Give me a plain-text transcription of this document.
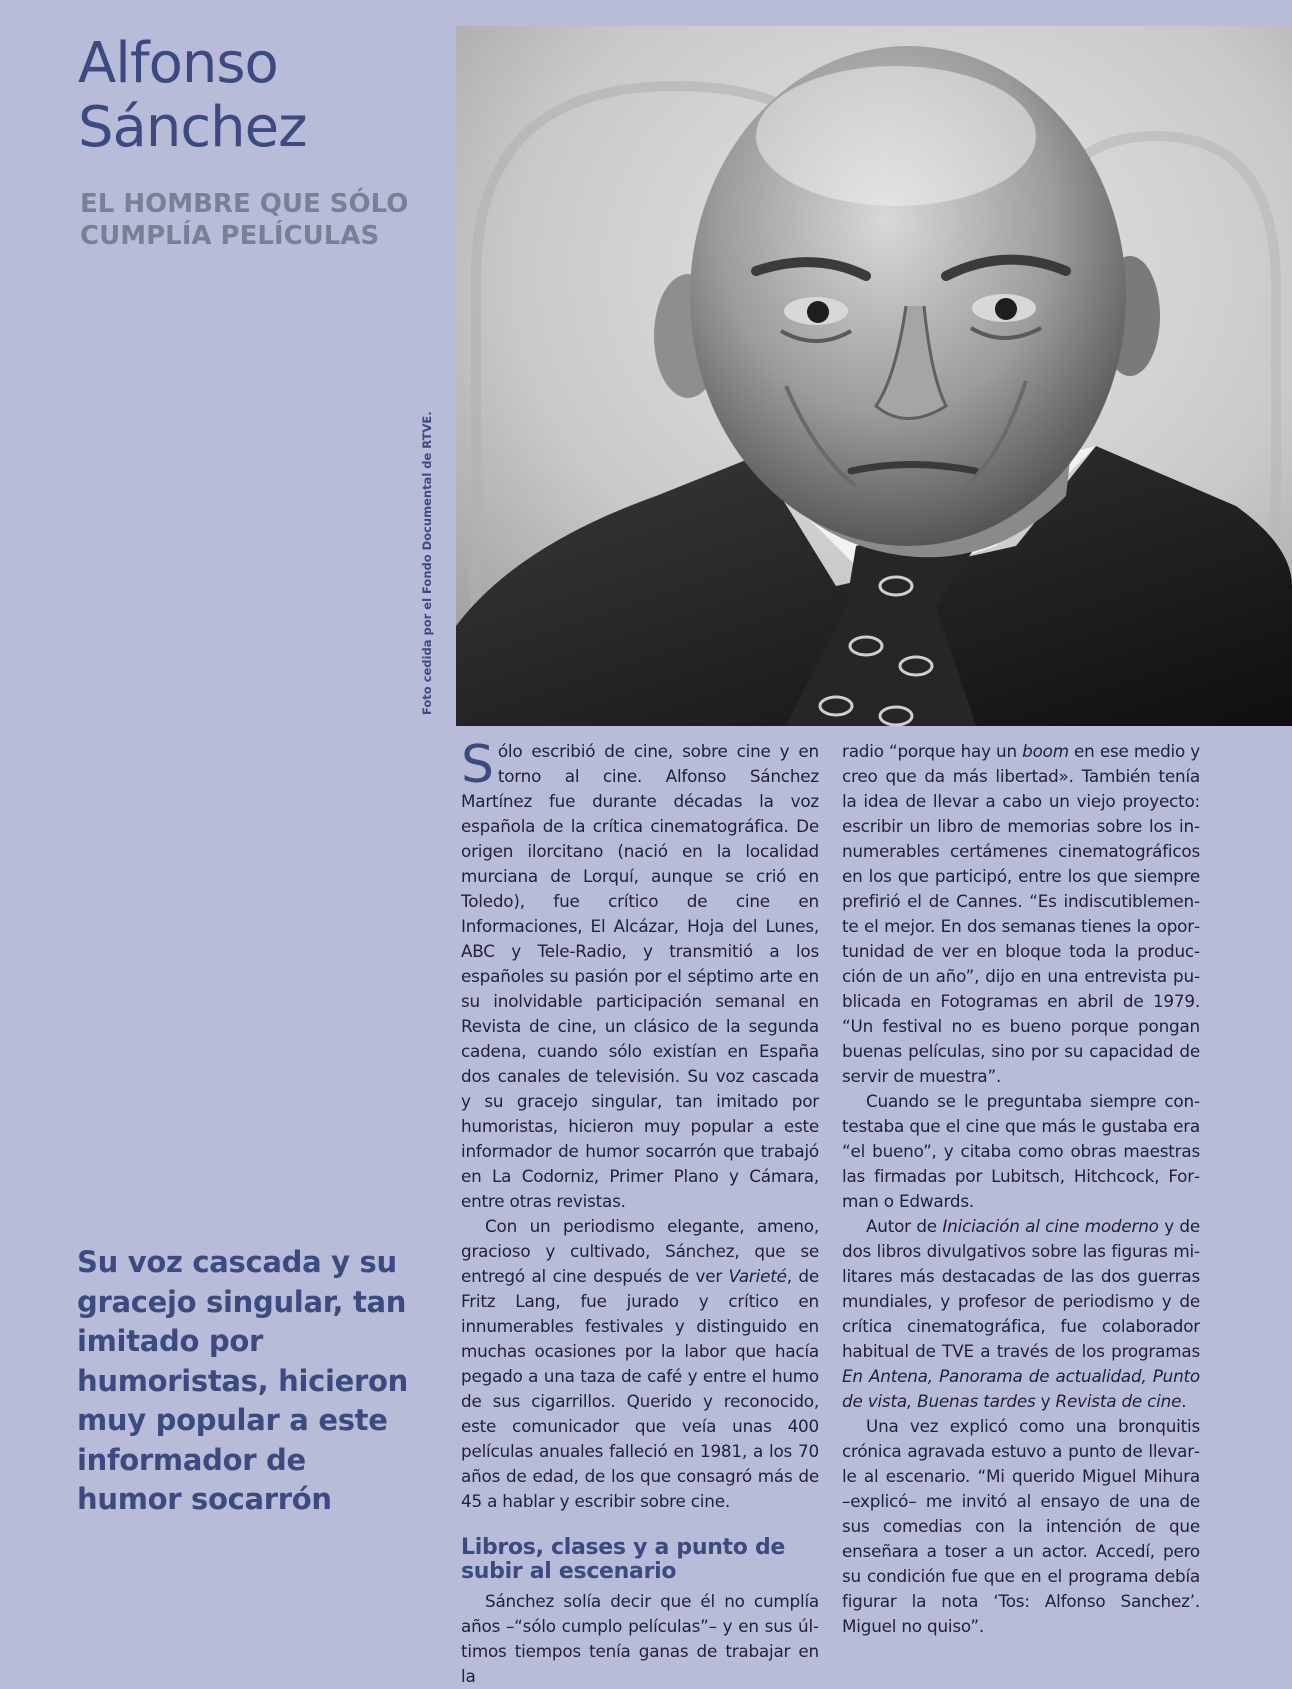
Alfonso
Sánchez

EL HOMBRE QUE SÓLO
CUMPLÍA PELÍCULAS

Su voz cascada y su gracejo singular, tan imitado por humoristas, hicieron muy popular a este informador de humor socarrón

Foto cedida por el Fondo Documental de RTVE.

Sólo escribió de cine, sobre cine y en torno al cine. Alfonso Sánchez Martínez fue durante décadas la voz española de la crítica cinematográfica. De origen ilorcitano (nació en la localidad murciana de Lorquí, aunque se crió en Toledo), fue crítico de cine en Informaciones, El Alcázar, Hoja del Lunes, ABC y Tele-Radio, y transmitió a los españoles su pasión por el séptimo arte en su inolvidable participación semanal en Revista de cine, un clásico de la segunda cadena, cuando sólo existían en España dos canales de televisión. Su voz cascada y su gracejo singular, tan imitado por humoristas, hicieron muy popular a este informador de humor socarrón que trabajó en La Codorniz, Primer Plano y Cámara, entre otras revistas.

Con un periodismo elegante, ameno, gracioso y cultivado, Sánchez, que se entregó al cine después de ver Varieté, de Fritz Lang, fue jurado y crítico en innumerables festivales y distinguido en muchas ocasiones por la labor que hacía pegado a una taza de café y entre el humo de sus cigarrillos. Querido y reconocido, este comunicador que veía unas 400 películas anuales falleció en 1981, a los 70 años de edad, de los que consagró más de 45 a hablar y escribir sobre cine.

Libros, clases y a punto de subir al escenario

Sánchez solía decir que él no cumplía años –“sólo cumplo películas”– y en sus últimos tiempos tenía ganas de trabajar en la

radio “porque hay un boom en ese medio y creo que da más libertad». También tenía la idea de llevar a cabo un viejo proyecto: escribir un libro de memorias sobre los innumerables certámenes cinematográficos en los que participó, entre los que siempre prefirió el de Cannes. “Es indiscutiblemente el mejor. En dos semanas tienes la oportunidad de ver en bloque toda la producción de un año”, dijo en una entrevista publicada en Fotogramas en abril de 1979. “Un festival no es bueno porque pongan buenas películas, sino por su capacidad de servir de muestra”.

Cuando se le preguntaba siempre contestaba que el cine que más le gustaba era “el bueno”, y citaba como obras maestras las firmadas por Lubitsch, Hitchcock, Forman o Edwards.

Autor de Iniciación al cine moderno y de dos libros divulgativos sobre las figuras militares más destacadas de las dos guerras mundiales, y profesor de periodismo y de crítica cinematográfica, fue colaborador habitual de TVE a través de los programas En Antena, Panorama de actualidad, Punto de vista, Buenas tardes y Revista de cine.

Una vez explicó como una bronquitis crónica agravada estuvo a punto de llevarle al escenario. “Mi querido Miguel Mihura –explicó– me invitó al ensayo de una de sus comedias con la intención de que enseñara a toser a un actor. Accedí, pero su condición fue que en el programa debía figurar la nota ‘Tos: Alfonso Sanchez’. Miguel no quiso”.
